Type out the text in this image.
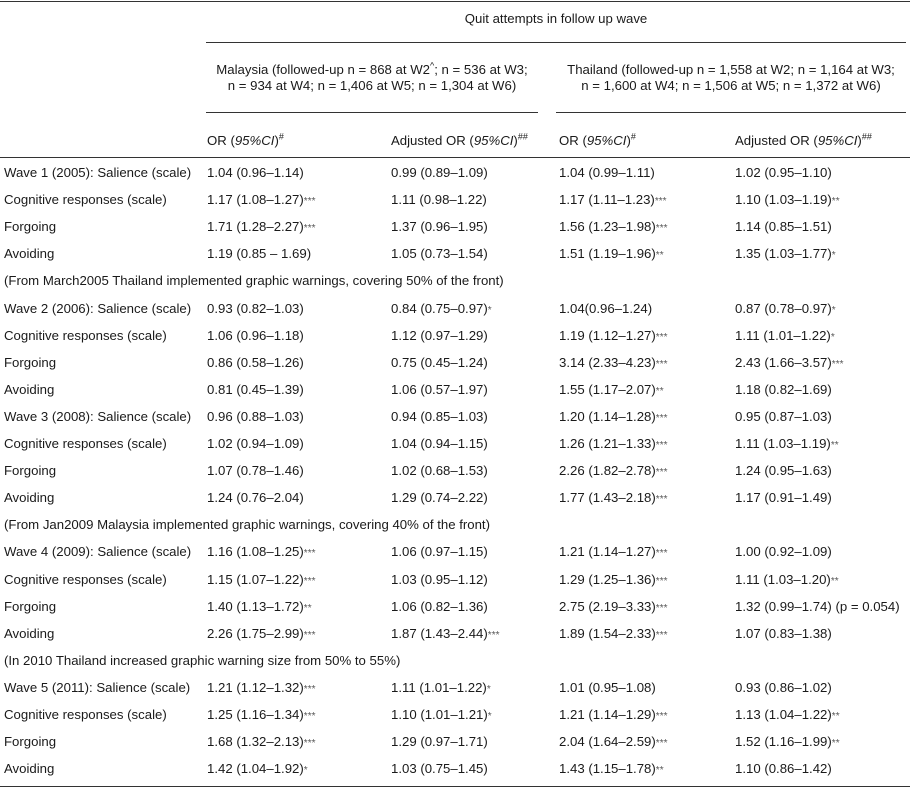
Quit attempts in follow up wave
Malaysia (followed-up n = 868 at W2^; n = 536 at W3;
n = 934 at W4; n = 1,406 at W5; n = 1,304 at W6)
Thailand (followed-up n = 1,558 at W2; n = 1,164 at W3;
n = 1,600 at W4; n = 1,506 at W5; n = 1,372 at W6)
OR (95%CI)#	Adjusted OR (95%CI)## OR (95%CI)#	Adjusted OR (95%CI)##
Wave 1 (2005): Salience (scale) 1.04 (0.96–1.14)	0.99 (0.89–1.09)	1.04 (0.99–1.11)	1.02 (0.95–1.10)
Cognitive responses (scale)	1.17 (1.08–1.27)***	1.11 (0.98–1.22)	1.17 (1.11–1.23)***	1.10 (1.03–1.19)**
Forgoing	1.71 (1.28–2.27)***	1.37 (0.96–1.95)	1.56 (1.23–1.98)***	1.14 (0.85–1.51)
Avoiding	1.19 (0.85 – 1.69)	1.05 (0.73–1.54)	1.51 (1.19–1.96)**	1.35 (1.03–1.77)*
(From March2005 Thailand implemented graphic warnings, covering 50% of the front)
Wave 2 (2006): Salience (scale) 0.93 (0.82–1.03)	0.84 (0.75–0.97)*	1.04(0.96–1.24)	0.87 (0.78–0.97)*
Cognitive responses (scale)	1.06 (0.96–1.18)	1.12 (0.97–1.29)	1.19 (1.12–1.27)***	1.11 (1.01–1.22)*
Forgoing	0.86 (0.58–1.26)	0.75 (0.45–1.24)	3.14 (2.33–4.23)***	2.43 (1.66–3.57)***
Avoiding	0.81 (0.45–1.39)	1.06 (0.57–1.97)	1.55 (1.17–2.07)**	1.18 (0.82–1.69)
Wave 3 (2008): Salience (scale) 0.96 (0.88–1.03)	0.94 (0.85–1.03)	1.20 (1.14–1.28)***	0.95 (0.87–1.03)
Cognitive responses (scale)	1.02 (0.94–1.09)	1.04 (0.94–1.15)	1.26 (1.21–1.33)***	1.11 (1.03–1.19)**
Forgoing	1.07 (0.78–1.46)	1.02 (0.68–1.53)	2.26 (1.82–2.78)***	1.24 (0.95–1.63)
Avoiding	1.24 (0.76–2.04)	1.29 (0.74–2.22)	1.77 (1.43–2.18)***	1.17 (0.91–1.49)
(From Jan2009 Malaysia implemented graphic warnings, covering 40% of the front)
Wave 4 (2009): Salience (scale) 1.16 (1.08–1.25)***	1.06 (0.97–1.15)	1.21 (1.14–1.27)***	1.00 (0.92–1.09)
Cognitive responses (scale)	1.15 (1.07–1.22)***	1.03 (0.95–1.12)	1.29 (1.25–1.36)***	1.11 (1.03–1.20)**
Forgoing	1.40 (1.13–1.72)**	1.06 (0.82–1.36)	2.75 (2.19–3.33)***	1.32 (0.99–1.74) (p = 0.054)
Avoiding	2.26 (1.75–2.99)***	1.87 (1.43–2.44)***	1.89 (1.54–2.33)***	1.07 (0.83–1.38)
(In 2010 Thailand increased graphic warning size from 50% to 55%)
Wave 5 (2011): Salience (scale) 1.21 (1.12–1.32)***	1.11 (1.01–1.22)*	1.01 (0.95–1.08)	0.93 (0.86–1.02)
Cognitive responses (scale)	1.25 (1.16–1.34)***	1.10 (1.01–1.21)*	1.21 (1.14–1.29)***	1.13 (1.04–1.22)**
Forgoing	1.68 (1.32–2.13)***	1.29 (0.97–1.71)	2.04 (1.64–2.59)***	1.52 (1.16–1.99)**
Avoiding	1.42 (1.04–1.92)*	1.03 (0.75–1.45)	1.43 (1.15–1.78)**	1.10 (0.86–1.42)
